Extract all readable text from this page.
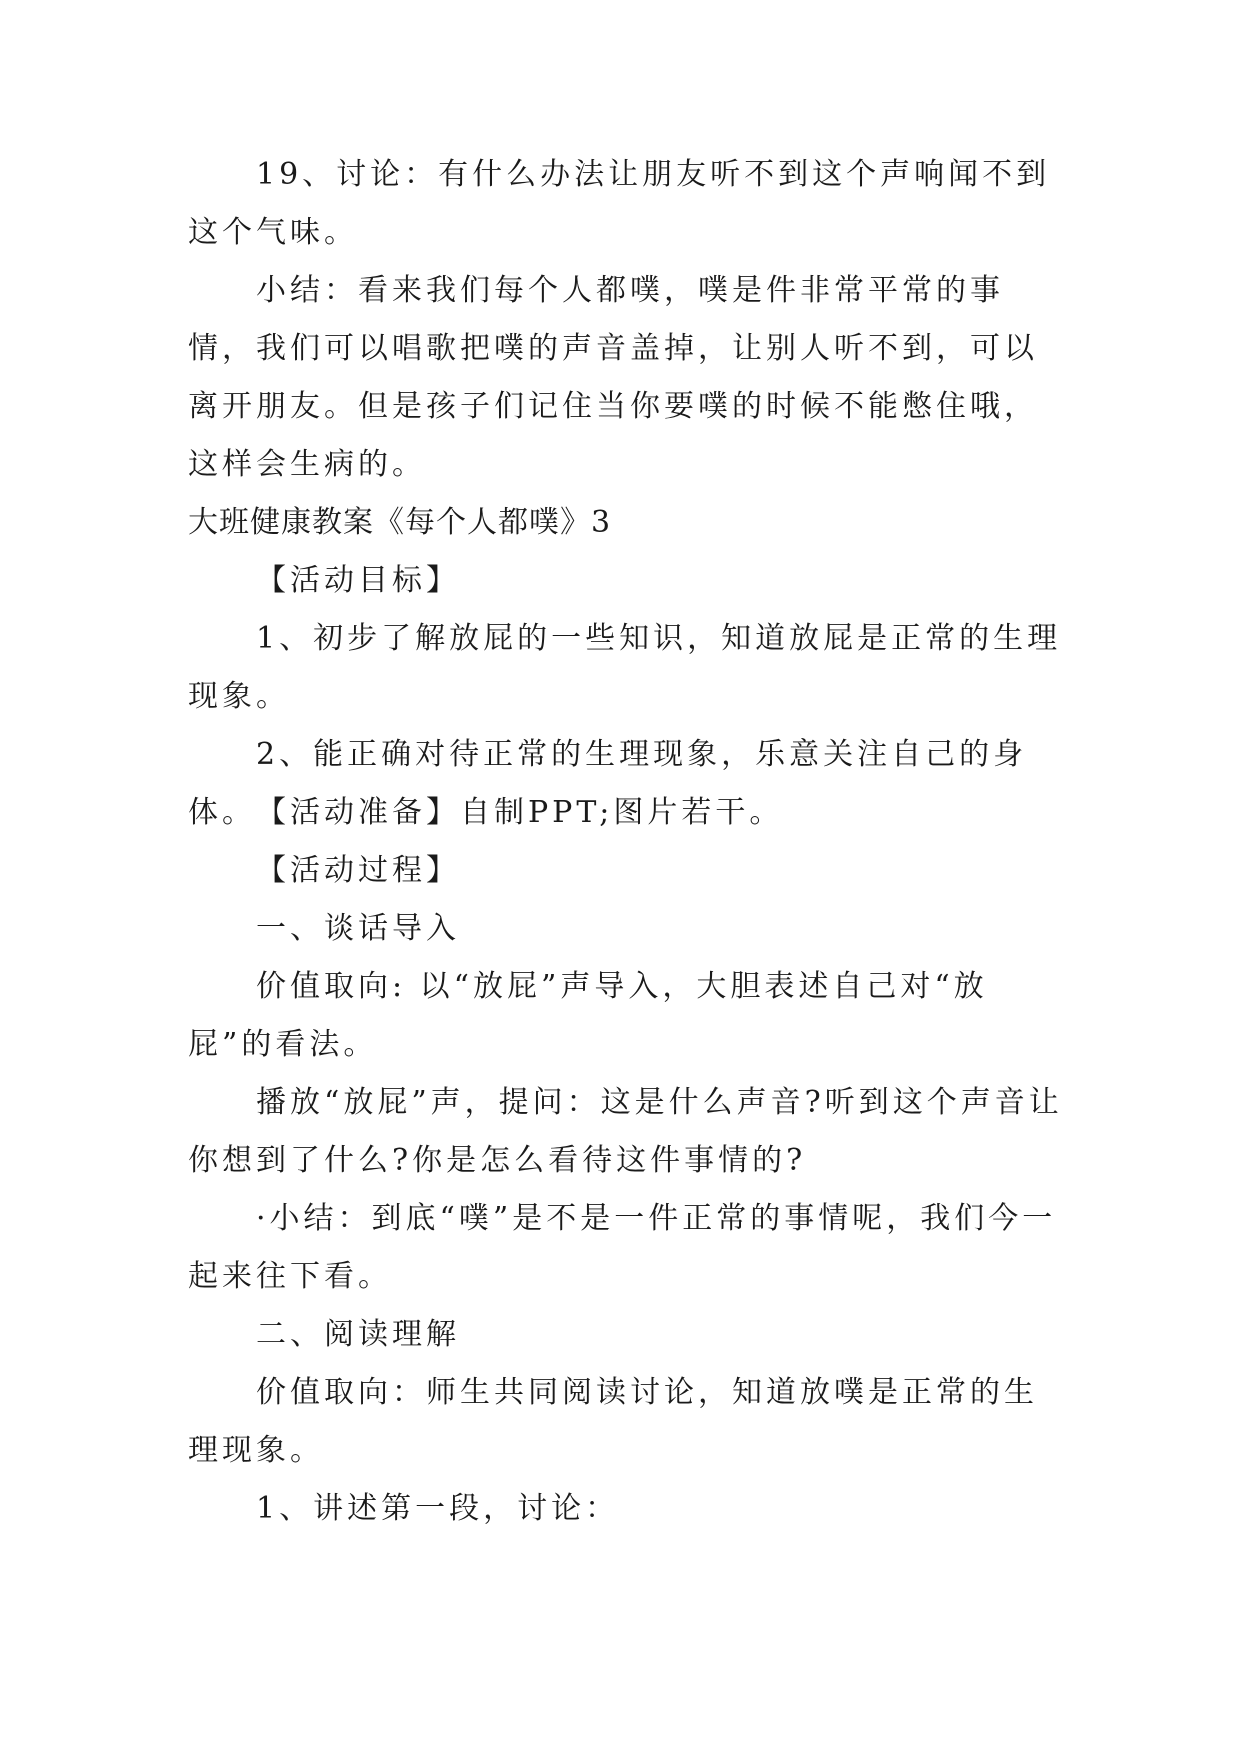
19、讨论：有什么办法让朋友听不到这个声响闻不到这个气味。

小结：看来我们每个人都噗，噗是件非常平常的事情，我们可以唱歌把噗的声音盖掉，让别人听不到，可以离开朋友。但是孩子们记住当你要噗的时候不能憋住哦，这样会生病的。

大班健康教案《每个人都噗》3

【活动目标】

1、初步了解放屁的一些知识，知道放屁是正常的生理现象。

2、能正确对待正常的生理现象，乐意关注自己的身体。 【活动准备】自制PPT;图片若干。

【活动过程】

一、谈话导入

价值取向: 以“放屁”声导入，大胆表述自己对“放屁”的看法。

播放“放屁”声，提问：这是什么声音?听到这个声音让你想到了什么?你是怎么看待这件事情的?

·小结：到底“噗”是不是一件正常的事情呢，我们今一起来往下看。

二、阅读理解

价值取向：师生共同阅读讨论，知道放噗是正常的生理现象。

1、讲述第一段，讨论：
